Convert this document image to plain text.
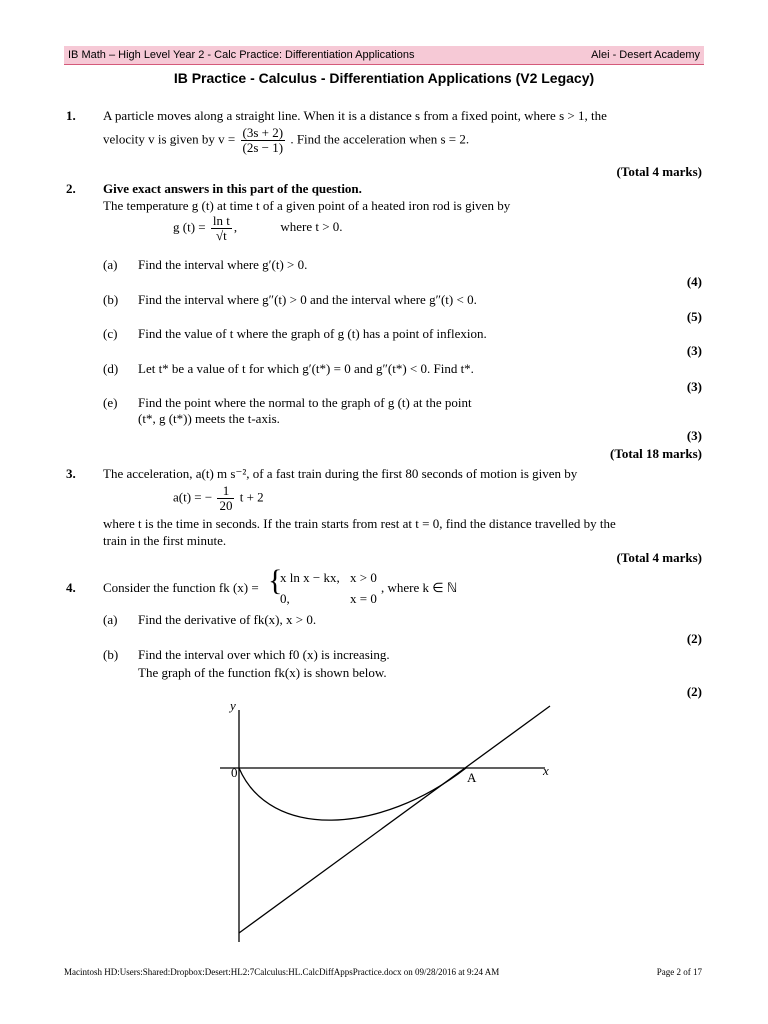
IB Math – High Level Year 2 - Calc Practice: Differentiation Applications	Alei - Desert Academy
IB Practice - Calculus - Differentiation Applications (V2 Legacy)
1. A particle moves along a straight line. When it is a distance s from a fixed point, where s > 1, the
velocity v is given by $v = \frac{(3s + 2)}{(2s - 1)}$ . Find the acceleration when s = 2.
(Total 4 marks)
2. Give exact answers in this part of the question.
The temperature g (t) at time t of a given point of a heated iron rod is given by
g $(t) = \frac{\text{ln t}}{√t}$ ,	where t > 0.
(a) Find the interval where g′(t) > 0.
(4)
(b) Find the interval where g″(t) > 0 and the interval where g″(t) < 0.
(5)
(c) Find the value of t where the graph of g (t) has a point of inflexion.
(3)
(d) Let t* be a value of t for which g′(t*) = 0 and g″(t*) < 0. Find t*.
(3)
(e) Find the point where the normal to the graph of g (t) at the point
(t*, g (t*)) meets the t-axis.
(3)
(Total 18 marks)
3. The acceleration, a(t) m s⁻², of a fast train during the first 80 seconds of motion is given by
a(t) = − $\frac{1}{20}$ t + 2
where t is the time in seconds. If the train starts from rest at t = 0, find the distance travelled by the
train in the first minute.
(Total 4 marks)
4. Consider the function fk (x) = {
x ln x − kx, x > 0
0,	x = 0
, where k ∈ ℕ
(a) Find the derivative of fk(x), x > 0.
(2)
(b) Find the interval over which f0 (x) is increasing.
The graph of the function fk(x) is shown below.
(2)
y
x
0	A
Macintosh HD:Users:Shared:Dropbox:Desert:HL2:7Calculus:HL.CalcDiffAppsPractice.docx on 09/28/2016 at 9:24 AM	Page 2 of 17
